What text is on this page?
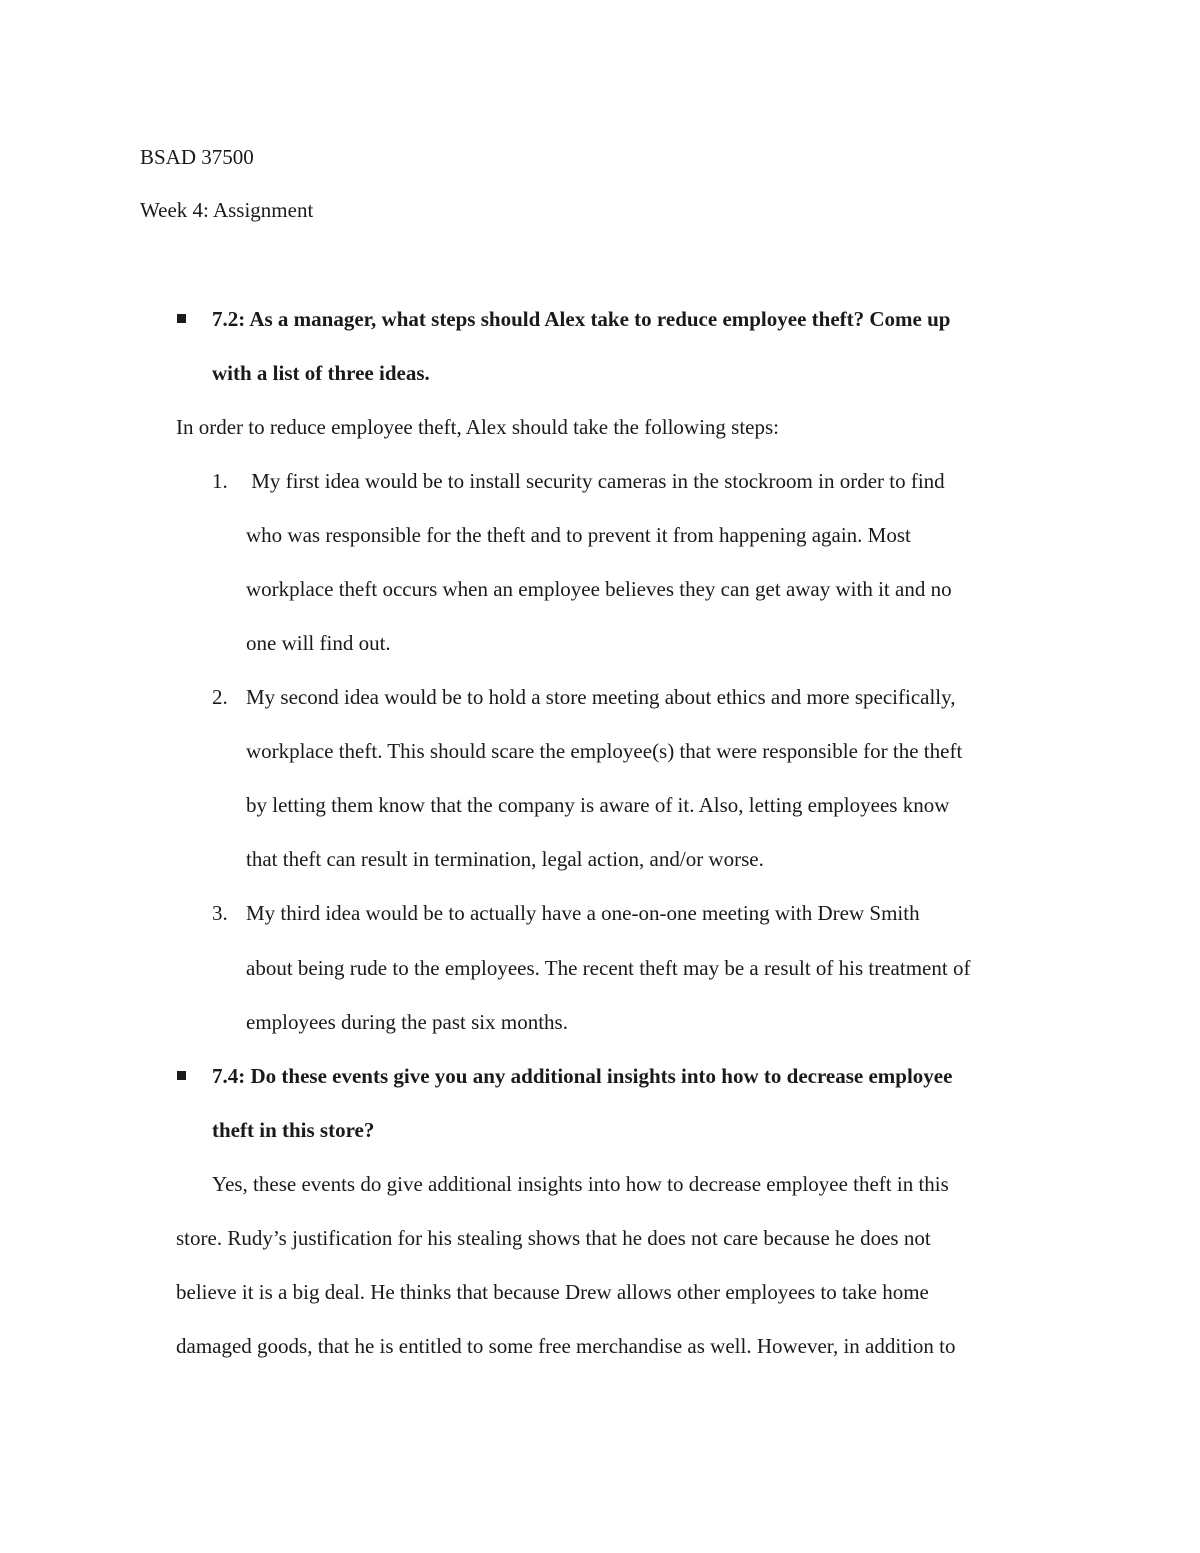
BSAD 37500
Week 4: Assignment
7.2: As a manager, what steps should Alex take to reduce employee theft? Come up
with a list of three ideas.
In order to reduce employee theft, Alex should take the following steps:
1. My first idea would be to install security cameras in the stockroom in order to find
who was responsible for the theft and to prevent it from happening again. Most
workplace theft occurs when an employee believes they can get away with it and no
one will find out.
2. My second idea would be to hold a store meeting about ethics and more specifically,
workplace theft. This should scare the employee(s) that were responsible for the theft
by letting them know that the company is aware of it. Also, letting employees know
that theft can result in termination, legal action, and/or worse.
3. My third idea would be to actually have a one-on-one meeting with Drew Smith
about being rude to the employees. The recent theft may be a result of his treatment of
employees during the past six months.
7.4: Do these events give you any additional insights into how to decrease employee
theft in this store?
Yes, these events do give additional insights into how to decrease employee theft in this
store. Rudy’s justification for his stealing shows that he does not care because he does not
believe it is a big deal. He thinks that because Drew allows other employees to take home
damaged goods, that he is entitled to some free merchandise as well. However, in addition to
